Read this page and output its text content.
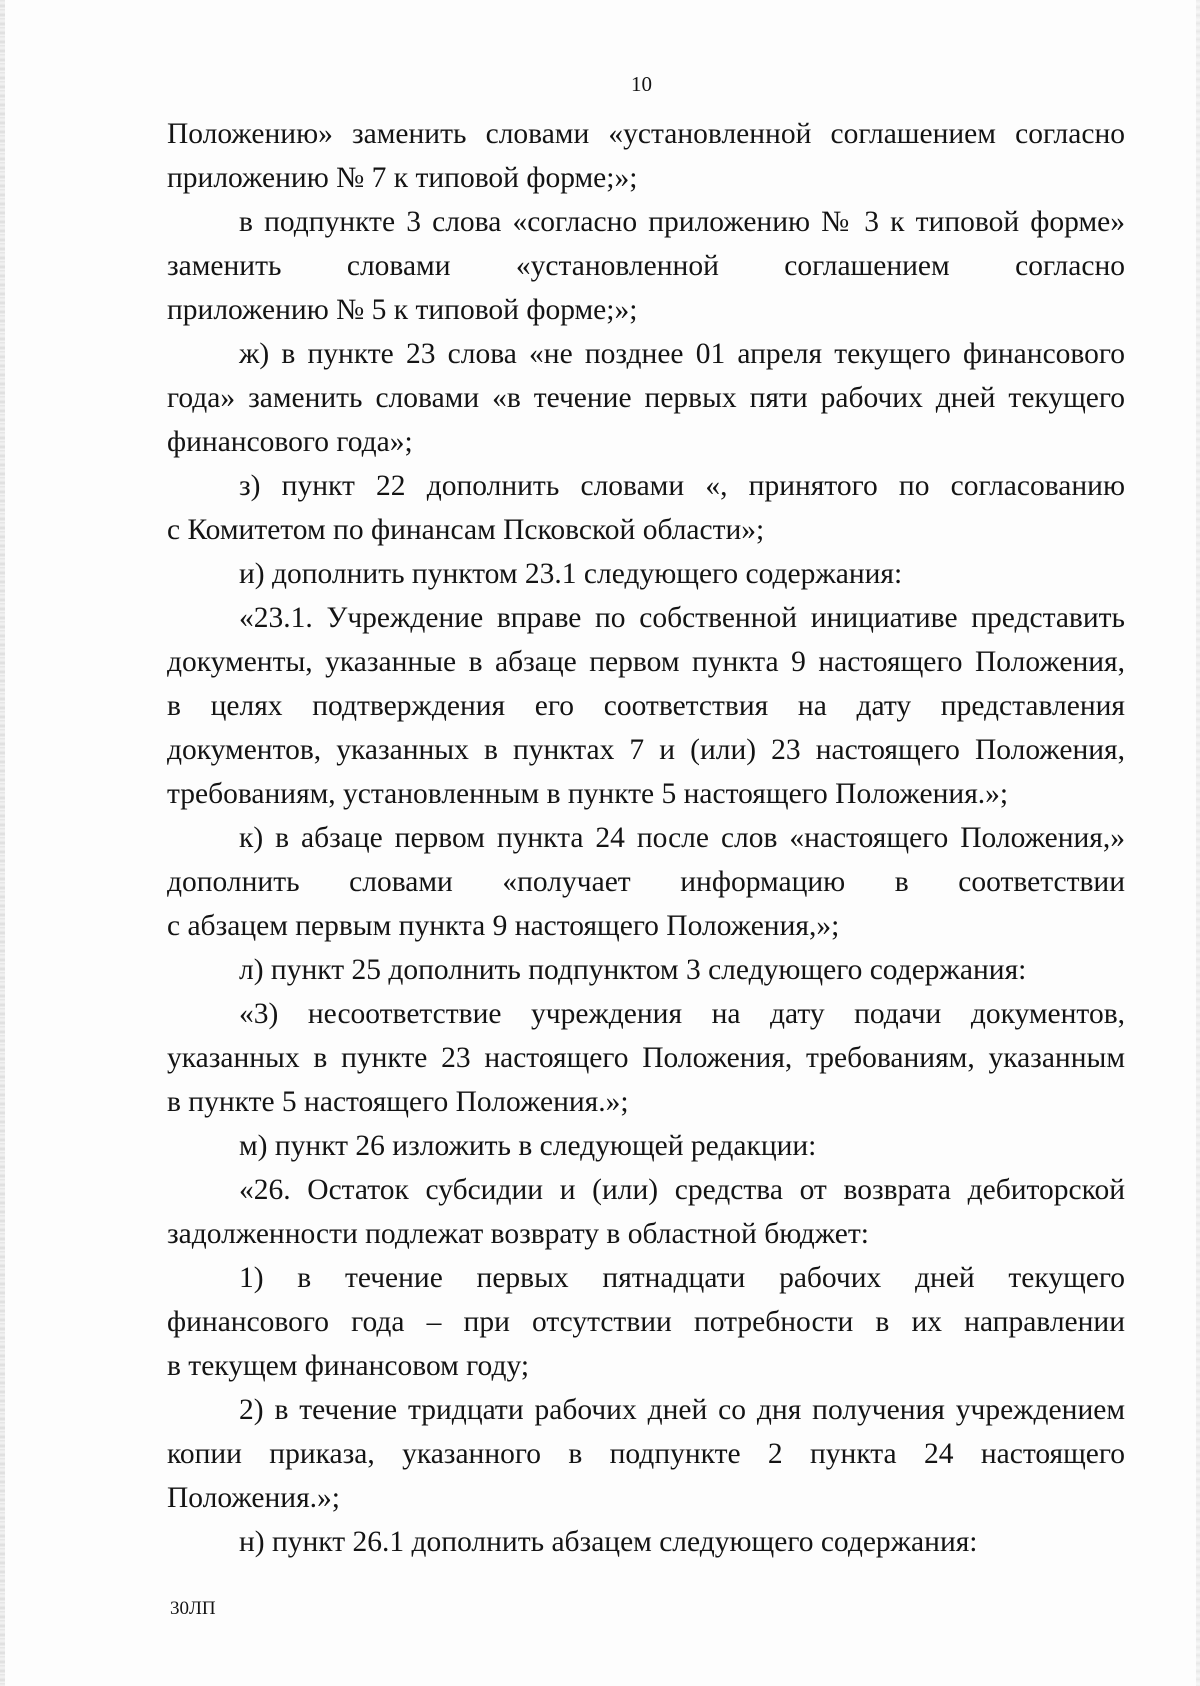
10

Положению» заменить словами «установленной соглашением согласно
приложению № 7 к типовой форме;»;

в подпункте 3 слова «согласно приложению № 3 к типовой форме»
заменить словами «установленной соглашением согласно
приложению № 5 к типовой форме;»;

ж) в пункте 23 слова «не позднее 01 апреля текущего финансового
года» заменить словами «в течение первых пяти рабочих дней текущего
финансового года»;

з) пункт 22 дополнить словами «, принятого по согласованию
с Комитетом по финансам Псковской области»;

и) дополнить пунктом 23.1 следующего содержания:

«23.1. Учреждение вправе по собственной инициативе представить
документы, указанные в абзаце первом пункта 9 настоящего Положения,
в целях подтверждения его соответствия на дату представления
документов, указанных в пунктах 7 и (или) 23 настоящего Положения,
требованиям, установленным в пункте 5 настоящего Положения.»;

к) в абзаце первом пункта 24 после слов «настоящего Положения,»
дополнить словами «получает информацию в соответствии
с абзацем первым пункта 9 настоящего Положения,»;

л) пункт 25 дополнить подпунктом 3 следующего содержания:

«3) несоответствие учреждения на дату подачи документов,
указанных в пункте 23 настоящего Положения, требованиям, указанным
в пункте 5 настоящего Положения.»;

м) пункт 26 изложить в следующей редакции:

«26. Остаток субсидии и (или) средства от возврата дебиторской
задолженности подлежат возврату в областной бюджет:

1) в течение первых пятнадцати рабочих дней текущего
финансового года – при отсутствии потребности в их направлении
в текущем финансовом году;

2) в течение тридцати рабочих дней со дня получения учреждением
копии приказа, указанного в подпункте 2 пункта 24 настоящего
Положения.»;

н) пункт 26.1 дополнить абзацем следующего содержания:

30ЛП
